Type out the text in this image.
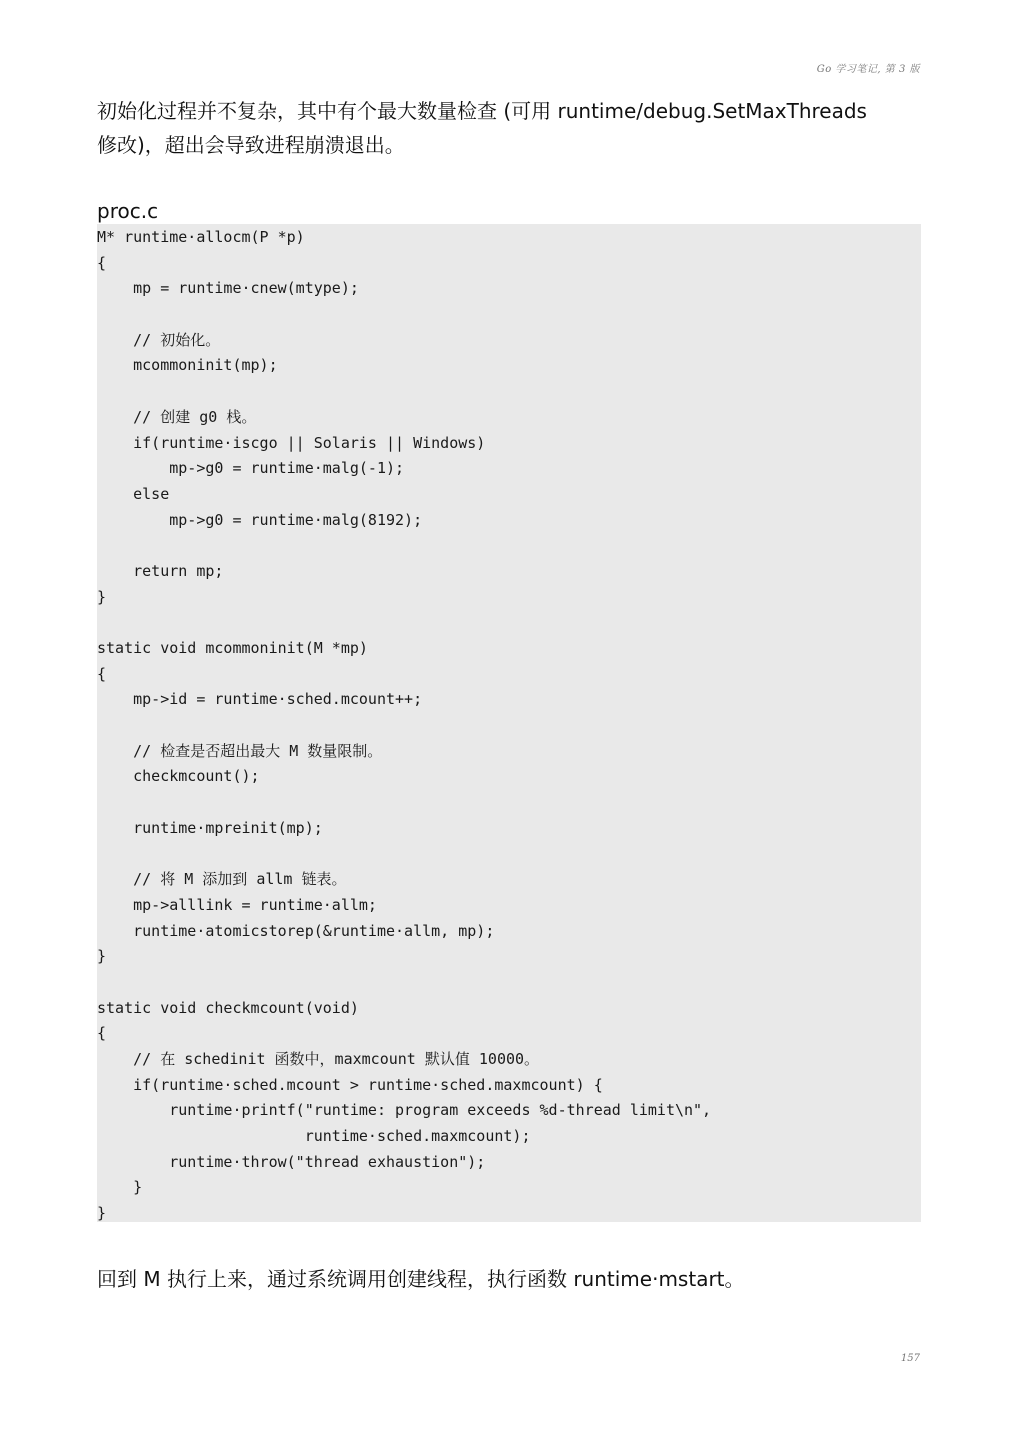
Go 学习笔记, 第 3 版
初始化过程并不复杂，其中有个最大数量检查 (可用 runtime/debug.SetMaxThreads
修改)，超出会导致进程崩溃退出。
proc.c
M* runtime·allocm(P *p)
{
mp = runtime·cnew(mtype);
// 初始化。
mcommoninit(mp);
// 创建 g0 栈。
if(runtime·iscgo || Solaris || Windows)
mp->g0 = runtime·malg(-1);
else
mp->g0 = runtime·malg(8192);
return mp;
}
static void mcommoninit(M *mp)
{
mp->id = runtime·sched.mcount++;
// 检查是否超出最大 M 数量限制。
checkmcount();
runtime·mpreinit(mp);
// 将 M 添加到 allm 链表。
mp->alllink = runtime·allm;
runtime·atomicstorep(&runtime·allm, mp);
}
static void checkmcount(void)
{
// 在 schedinit 函数中，maxmcount 默认值 10000。
if(runtime·sched.mcount > runtime·sched.maxmcount) {
runtime·printf("runtime: program exceeds %d-thread limit\n",
runtime·sched.maxmcount);
runtime·throw("thread exhaustion");
}
}
回到 M 执行上来，通过系统调用创建线程，执行函数 runtime·mstart。
157
